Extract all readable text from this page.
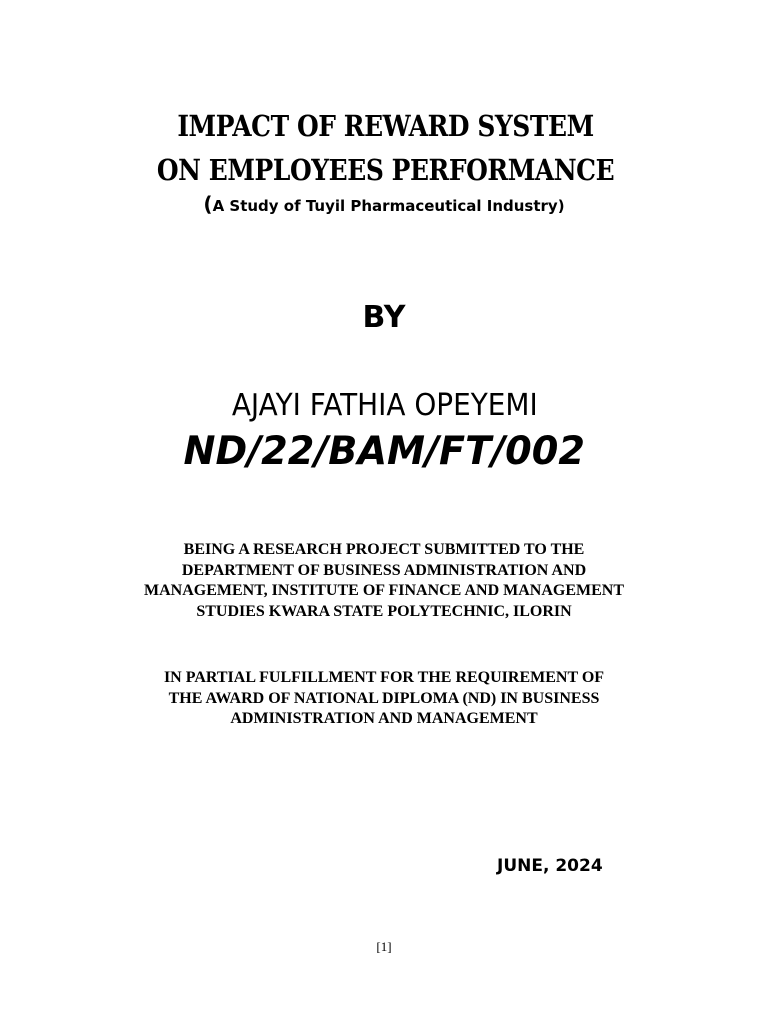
IMPACT OF REWARD SYSTEM
ON EMPLOYEES PERFORMANCE
(A Study of Tuyil Pharmaceutical Industry)
BY
AJAYI FATHIA OPEYEMI
ND/22/BAM/FT/002
BEING A RESEARCH PROJECT SUBMITTED TO THE
DEPARTMENT OF BUSINESS ADMINISTRATION AND
MANAGEMENT, INSTITUTE OF FINANCE AND MANAGEMENT
STUDIES KWARA STATE POLYTECHNIC, ILORIN
IN PARTIAL FULFILLMENT FOR THE REQUIREMENT OF
THE AWARD OF NATIONAL DIPLOMA (ND) IN BUSINESS
ADMINISTRATION AND MANAGEMENT
JUNE, 2024
[1]
